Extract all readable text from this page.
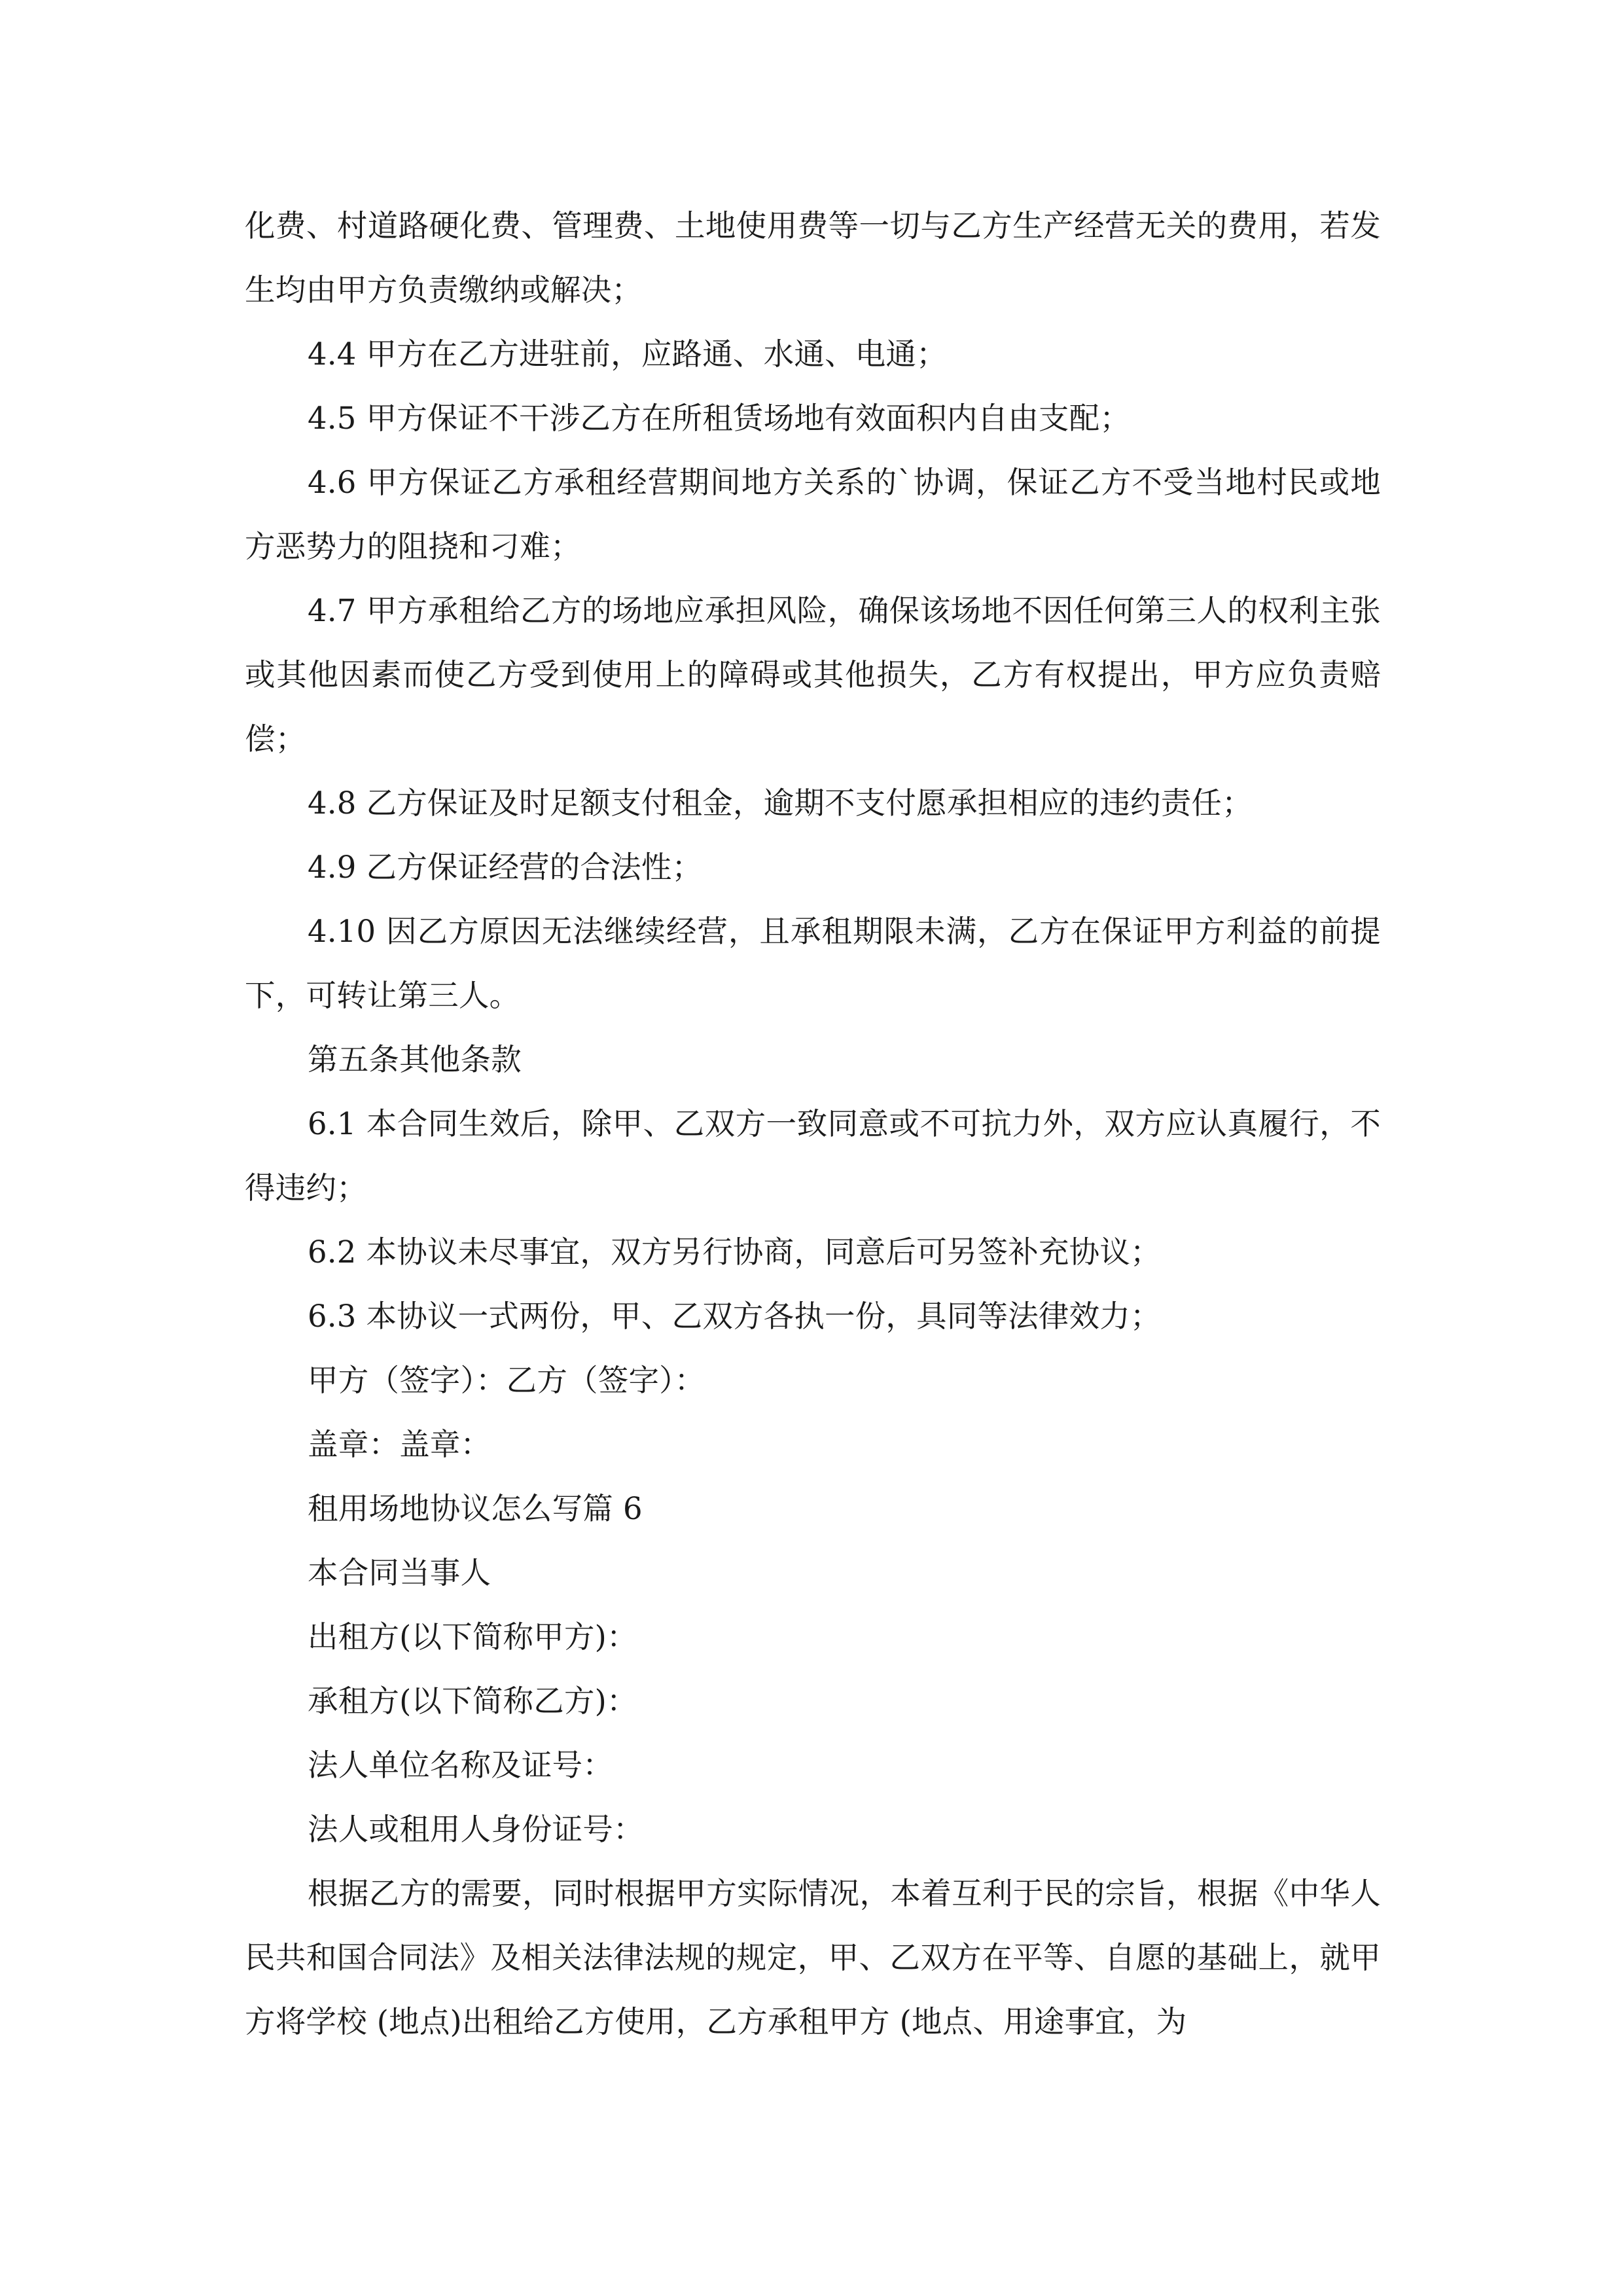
化费、村道路硬化费、管理费、土地使用费等一切与乙方生产经营无关的费用，若发生均由甲方负责缴纳或解决；

4.4 甲方在乙方进驻前，应路通、水通、电通；

4.5 甲方保证不干涉乙方在所租赁场地有效面积内自由支配；

4.6 甲方保证乙方承租经营期间地方关系的`协调，保证乙方不受当地村民或地方恶势力的阻挠和刁难；

4.7 甲方承租给乙方的场地应承担风险，确保该场地不因任何第三人的权利主张或其他因素而使乙方受到使用上的障碍或其他损失，乙方有权提出，甲方应负责赔偿；

4.8 乙方保证及时足额支付租金，逾期不支付愿承担相应的违约责任；

4.9 乙方保证经营的合法性；

4.10 因乙方原因无法继续经营，且承租期限未满，乙方在保证甲方利益的前提下，可转让第三人。

第五条其他条款

6.1 本合同生效后，除甲、乙双方一致同意或不可抗力外，双方应认真履行，不得违约；

6.2 本协议未尽事宜，双方另行协商，同意后可另签补充协议；

6.3 本协议一式两份，甲、乙双方各执一份，具同等法律效力；

甲方（签字）：乙方（签字）：

盖章：盖章：

租用场地协议怎么写篇 6

本合同当事人

出租方(以下简称甲方)：

承租方(以下简称乙方)：

法人单位名称及证号：

法人或租用人身份证号：

根据乙方的需要，同时根据甲方实际情况，本着互利于民的宗旨，根据《中华人民共和国合同法》及相关法律法规的规定，甲、乙双方在平等、自愿的基础上，就甲方将学校 (地点)出租给乙方使用，乙方承租甲方 (地点、用途事宜，为
